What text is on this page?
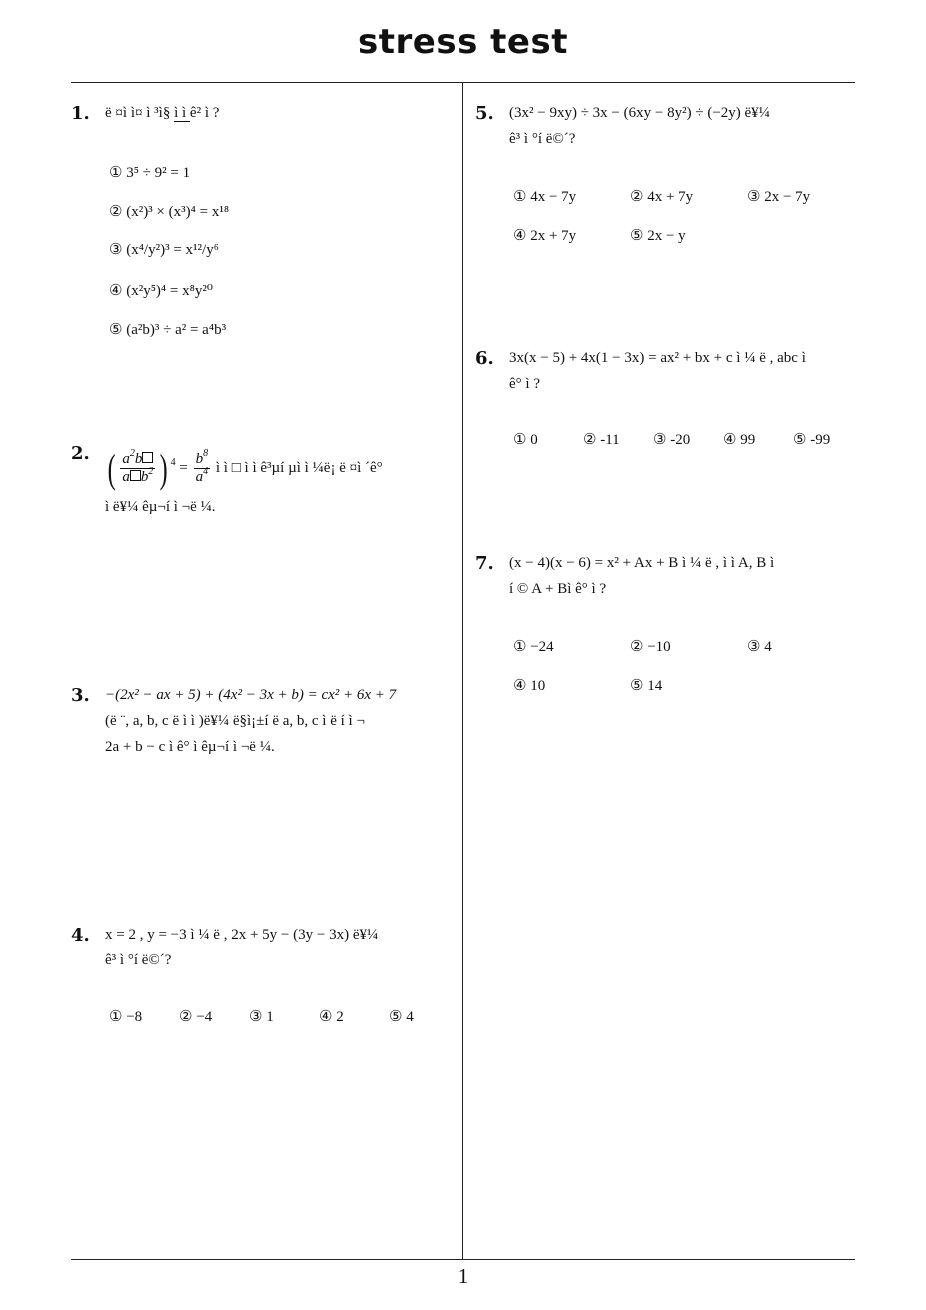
stress test
1
1. ë ¤ì ì¤ ì ³ì§ ì ì ê² ì ?
① 3⁵ ÷ 9² = 1
② (x²)³ × (x³)⁴ = x¹⁸
③ (x⁴/y²)³ = x¹²/y⁶
④ (x²y⁵)⁴ = x⁸y²⁰
⑤ (a²b)³ ÷ a² = a⁴b³
2. ( $\frac{a^2b}{a b^2}$ ) $^4 = \frac{b^8}{a^4}$ ì ì □ ì ì ê³µí µì ì ¼ë¡ ë ¤ì ´ê°
ì ë¥¼ êµ¬í ì ¬ë ¼.
3. −(2x² − ax + 5) + (4x² − 3x + b) = cx² + 6x + 7
(ë ¨, a, b, c ë ì ì )ë¥¼ ë§ì¡±í ë a, b, c ì ë í ì ¬
2a + b − c ì ê° ì êµ¬í ì ¬ë ¼.
4. x = 2 , y = −3 ì ¼ ë , 2x + 5y − (3y − 3x) ë¥¼
ê³ ì °í ë©´?
① −8 ② −4 ③ 1	④ 2	⑤ 4
5. (3x² − 9xy) ÷ 3x − (6xy − 8y²) ÷ (−2y) ë¥¼
ê³ ì °í ë©´?
① 4x − 7y	② 4x + 7y	③ 2x − 7y
④ 2x + 7y	⑤ 2x − y
6. 3x(x − 5) + 4x(1 − 3x) = ax² + bx + c ì ¼ ë , abc ì
ê° ì ?
① 0	② -11 ③ -20 ④ 99	⑤ -99
7. (x − 4)(x − 6) = x² + Ax + B ì ¼ ë , ì ì A, B ì
í © A + Bì ê° ì ?
① −24	② −10	③ 4
④ 10	⑤ 14
